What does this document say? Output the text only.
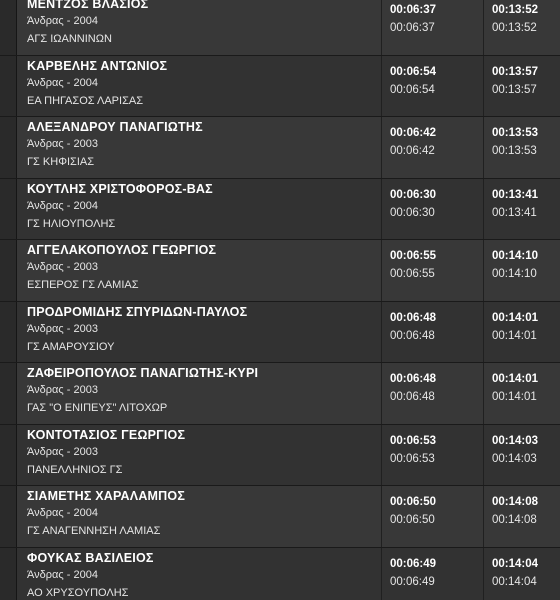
ΜΕΝΤΖΟΣ ΒΛΑΣΙΟΣ
Άνδρας - 2004
ΑΓΣ ΙΩΑΝΝΙΝΩΝ
00:06:37
00:06:37
00:13:52
00:13:52
ΚΑΡΒΕΛΗΣ ΑΝΤΩΝΙΟΣ
Άνδρας - 2004
ΕΑ ΠΗΓΑΣΟΣ ΛΑΡΙΣΑΣ
00:06:54
00:06:54
00:13:57
00:13:57
ΑΛΕΞΑΝΔΡΟΥ ΠΑΝΑΓΙΩΤΗΣ
Άνδρας - 2003
ΓΣ ΚΗΦΙΣΙΑΣ
00:06:42
00:06:42
00:13:53
00:13:53
ΚΟΥΤΛΗΣ ΧΡΙΣΤΟΦΟΡΟΣ-ΒΑΣ
Άνδρας - 2004
ΓΣ ΗΛΙΟΥΠΟΛΗΣ
00:06:30
00:06:30
00:13:41
00:13:41
ΑΓΓΕΛΑΚΟΠΟΥΛΟΣ ΓΕΩΡΓΙΟΣ
Άνδρας - 2003
ΕΣΠΕΡΟΣ ΓΣ ΛΑΜΙΑΣ
00:06:55
00:06:55
00:14:10
00:14:10
ΠΡΟΔΡΟΜΙΔΗΣ ΣΠΥΡΙΔΩΝ-ΠΑΥΛΟΣ
Άνδρας - 2003
ΓΣ ΑΜΑΡΟΥΣΙΟΥ
00:06:48
00:06:48
00:14:01
00:14:01
ΖΑΦΕΙΡΟΠΟΥΛΟΣ ΠΑΝΑΓΙΩΤΗΣ-ΚΥΡΙ
Άνδρας - 2003
ΓΑΣ "Ο ΕΝΙΠΕΥΣ" ΛΙΤΟΧΩΡ
00:06:48
00:06:48
00:14:01
00:14:01
ΚΟΝΤΟΤΑΣΙΟΣ ΓΕΩΡΓΙΟΣ
Άνδρας - 2003
ΠΑΝΕΛΛΗΝΙΟΣ ΓΣ
00:06:53
00:06:53
00:14:03
00:14:03
ΣΙΑΜΕΤΗΣ ΧΑΡΑΛΑΜΠΟΣ
Άνδρας - 2004
ΓΣ ΑΝΑΓΕΝΝΗΣΗ ΛΑΜΙΑΣ
00:06:50
00:06:50
00:14:08
00:14:08
ΦΟΥΚΑΣ ΒΑΣΙΛΕΙΟΣ
Άνδρας - 2004
ΑΟ ΧΡΥΣΟΥΠΟΛΗΣ
00:06:49
00:06:49
00:14:04
00:14:04
